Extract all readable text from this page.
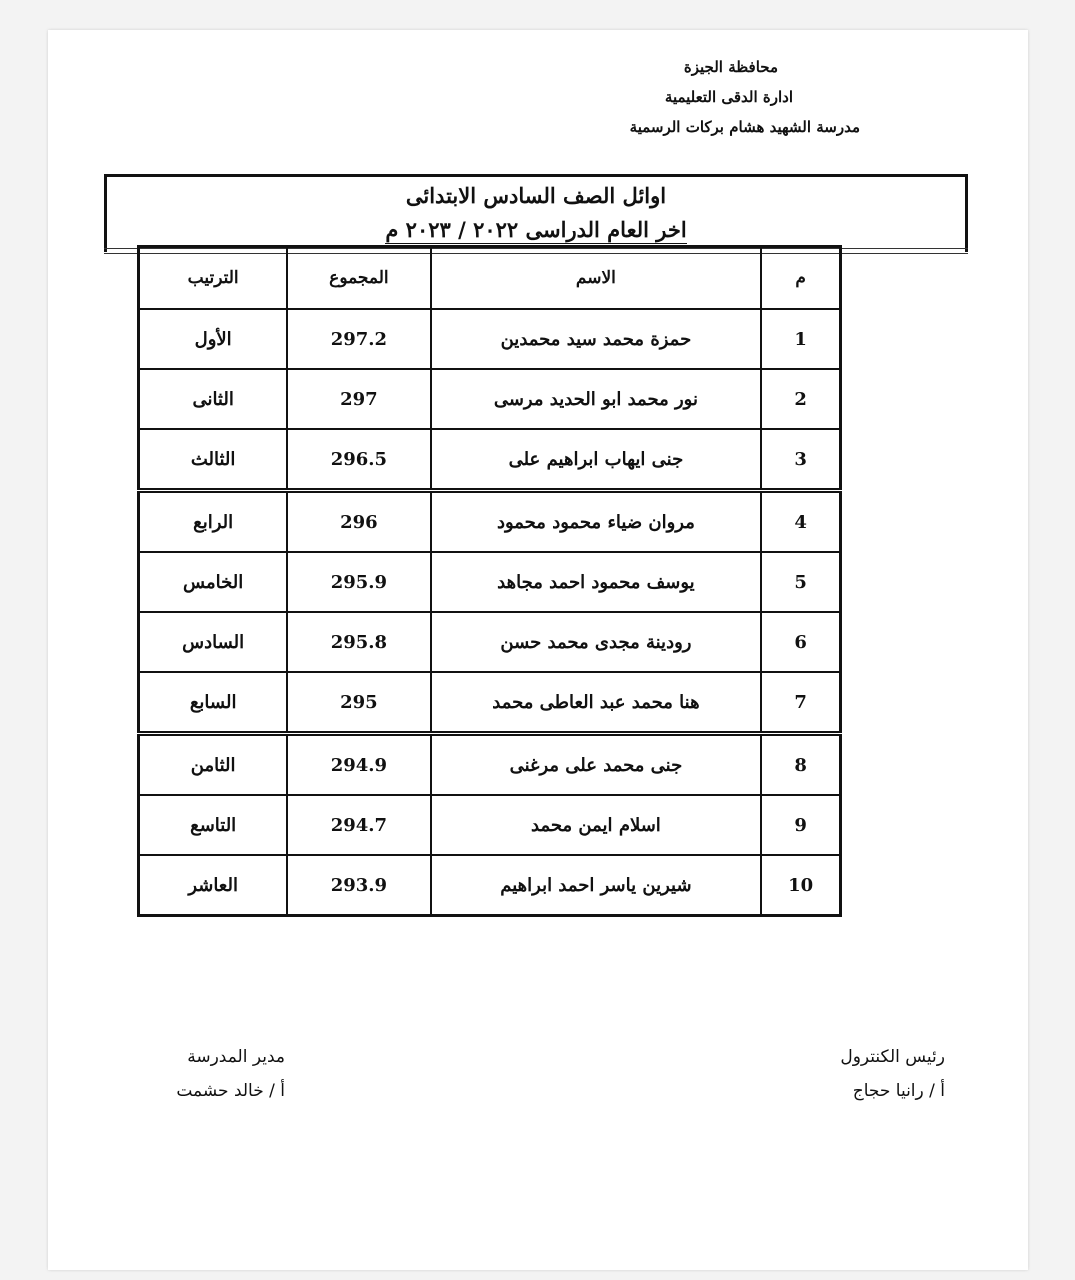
محافظة الجيزة
ادارة الدقى التعليمية
مدرسة الشهيد هشام بركات الرسمية
اوائل الصف السادس الابتدائى
اخر العام الدراسى ٢٠٢٢ / ٢٠٢٣ م
م	الاسم	المجموع	الترتيب
1	حمزة محمد سيد محمدين	297.2	الأول
2	نور محمد ابو الحديد مرسى	297	الثانى
3	جنى ايهاب ابراهيم على	296.5	الثالث
4	مروان ضياء محمود محمود	296	الرابع
5	يوسف محمود احمد مجاهد	295.9	الخامس
6	رودينة مجدى محمد حسن	295.8	السادس
7	هنا محمد عبد العاطى محمد	295	السابع
8	جنى محمد على مرغنى	294.9	الثامن
9	اسلام ايمن محمد	294.7	التاسع
10	شيرين ياسر احمد ابراهيم	293.9	العاشر
مدير المدرسة
أ / خالد حشمت
رئيس الكنترول
أ / رانيا حجاج
